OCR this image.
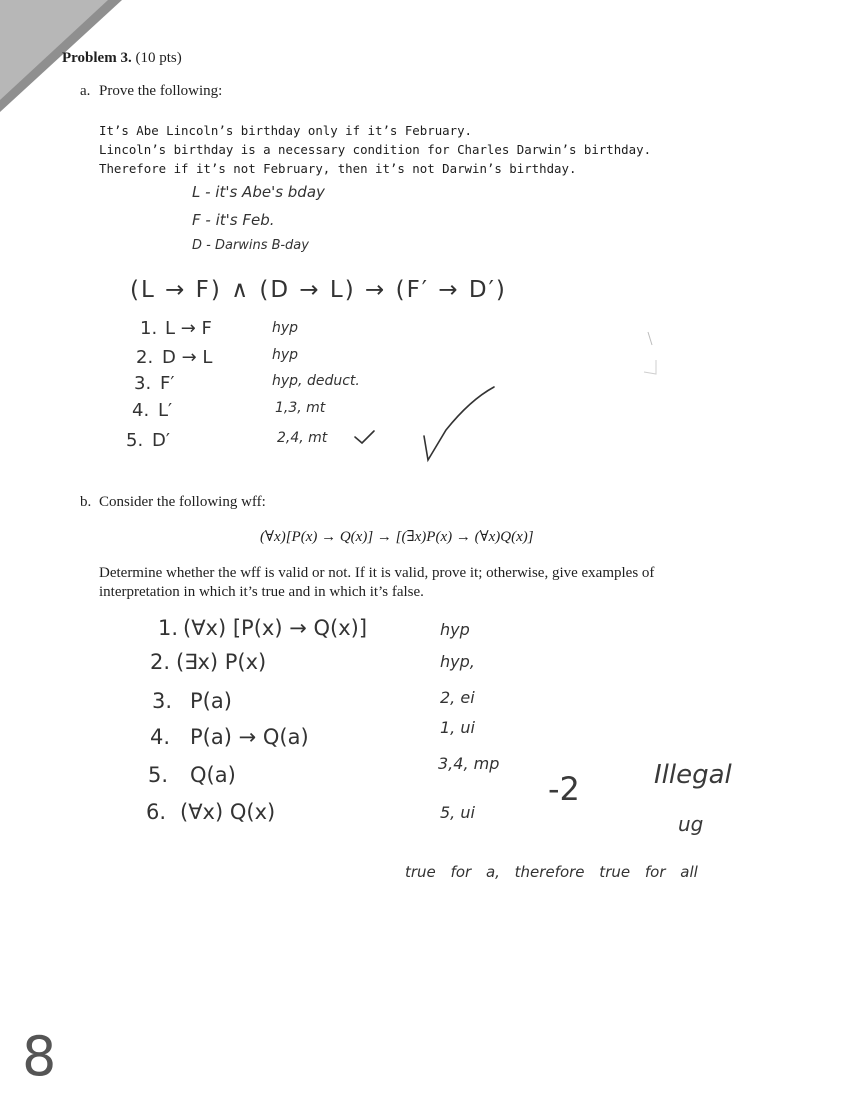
Problem 3. (10 pts)
a. Prove the following:
It’s Abe Lincoln’s birthday only if it’s February.
Lincoln’s birthday is a necessary condition for Charles Darwin’s birthday.
Therefore if it’s not February, then it’s not Darwin’s birthday.
L - it's Abe's bday
F - it's Feb.
D - Darwins B-day
(L → F) ∧ (D → L) → (F′ → D′)
1. L → F	hyp
2. D → L	hyp
3. F′	hyp, deduct.
4. L′	1,3, mt
5. D′	2,4, mt
b. Consider the following wff:
(∀x)[P(x) → Q(x)] → [(∃x)P(x) → (∀x)Q(x)]
Determine whether the wff is valid or not. If it is valid, prove it; otherwise, give examples of
interpretation in which it’s true and in which it’s false.
1. (∀x) [P(x) → Q(x)]	hyp
2. (∃x) P(x)	hyp,
3. P(a)	2, ei
4. P(a) → Q(a)	1, ui
5. Q(a)	3,4, mp
6. (∀x) Q(x)	5, ui
-2	Illegal
ug
true for a, therefore true for all
8
